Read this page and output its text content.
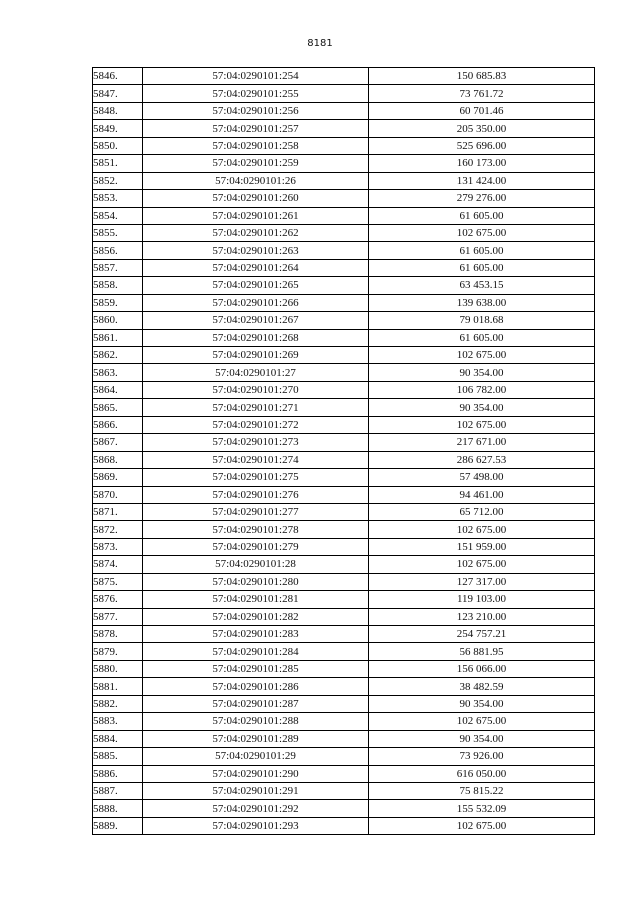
8181
5846.	57:04:0290101:254	150 685.83
5847.	57:04:0290101:255	73 761.72
5848.	57:04:0290101:256	60 701.46
5849.	57:04:0290101:257	205 350.00
5850.	57:04:0290101:258	525 696.00
5851.	57:04:0290101:259	160 173.00
5852.	57:04:0290101:26	131 424.00
5853.	57:04:0290101:260	279 276.00
5854.	57:04:0290101:261	61 605.00
5855.	57:04:0290101:262	102 675.00
5856.	57:04:0290101:263	61 605.00
5857.	57:04:0290101:264	61 605.00
5858.	57:04:0290101:265	63 453.15
5859.	57:04:0290101:266	139 638.00
5860.	57:04:0290101:267	79 018.68
5861.	57:04:0290101:268	61 605.00
5862.	57:04:0290101:269	102 675.00
5863.	57:04:0290101:27	90 354.00
5864.	57:04:0290101:270	106 782.00
5865.	57:04:0290101:271	90 354.00
5866.	57:04:0290101:272	102 675.00
5867.	57:04:0290101:273	217 671.00
5868.	57:04:0290101:274	286 627.53
5869.	57:04:0290101:275	57 498.00
5870.	57:04:0290101:276	94 461.00
5871.	57:04:0290101:277	65 712.00
5872.	57:04:0290101:278	102 675.00
5873.	57:04:0290101:279	151 959.00
5874.	57:04:0290101:28	102 675.00
5875.	57:04:0290101:280	127 317.00
5876.	57:04:0290101:281	119 103.00
5877.	57:04:0290101:282	123 210.00
5878.	57:04:0290101:283	254 757.21
5879.	57:04:0290101:284	56 881.95
5880.	57:04:0290101:285	156 066.00
5881.	57:04:0290101:286	38 482.59
5882.	57:04:0290101:287	90 354.00
5883.	57:04:0290101:288	102 675.00
5884.	57:04:0290101:289	90 354.00
5885.	57:04:0290101:29	73 926.00
5886.	57:04:0290101:290	616 050.00
5887.	57:04:0290101:291	75 815.22
5888.	57:04:0290101:292	155 532.09
5889.	57:04:0290101:293	102 675.00
